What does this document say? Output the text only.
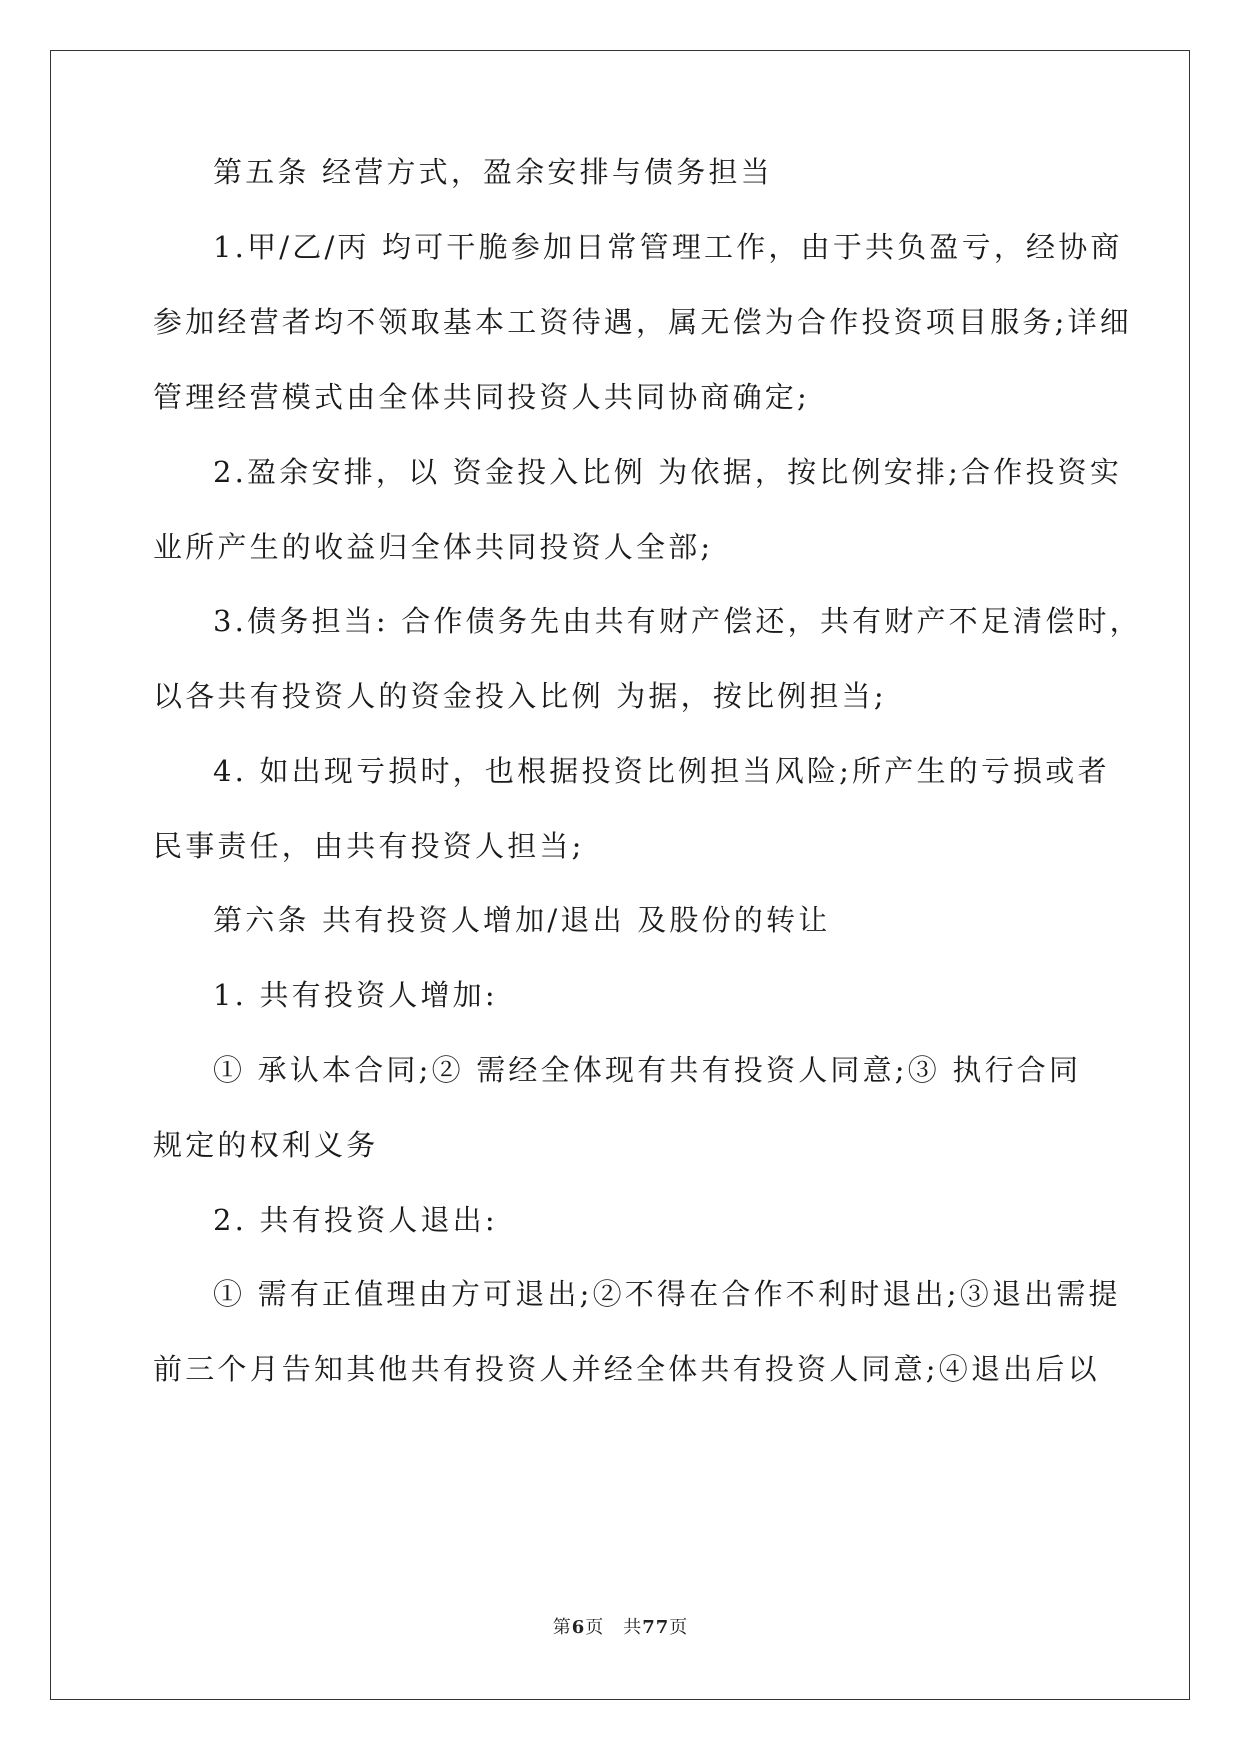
第五条 经营方式，盈余安排与债务担当
1.甲/乙/丙 均可干脆参加日常管理工作，由于共负盈亏，经协商
参加经营者均不领取基本工资待遇，属无偿为合作投资项目服务;详细
管理经营模式由全体共同投资人共同协商确定;
2.盈余安排，以 资金投入比例 为依据，按比例安排;合作投资实
业所产生的收益归全体共同投资人全部;
3.债务担当: 合作债务先由共有财产偿还，共有财产不足清偿时，
以各共有投资人的资金投入比例 为据，按比例担当;
4. 如出现亏损时，也根据投资比例担当风险;所产生的亏损或者
民事责任，由共有投资人担当;
第六条 共有投资人增加/退出 及股份的转让
1. 共有投资人增加:
① 承认本合同;② 需经全体现有共有投资人同意;③ 执行合同
规定的权利义务
2. 共有投资人退出:
① 需有正值理由方可退出;②不得在合作不利时退出;③退出需提
前三个月告知其他共有投资人并经全体共有投资人同意;④退出后以
第6页　共77页
